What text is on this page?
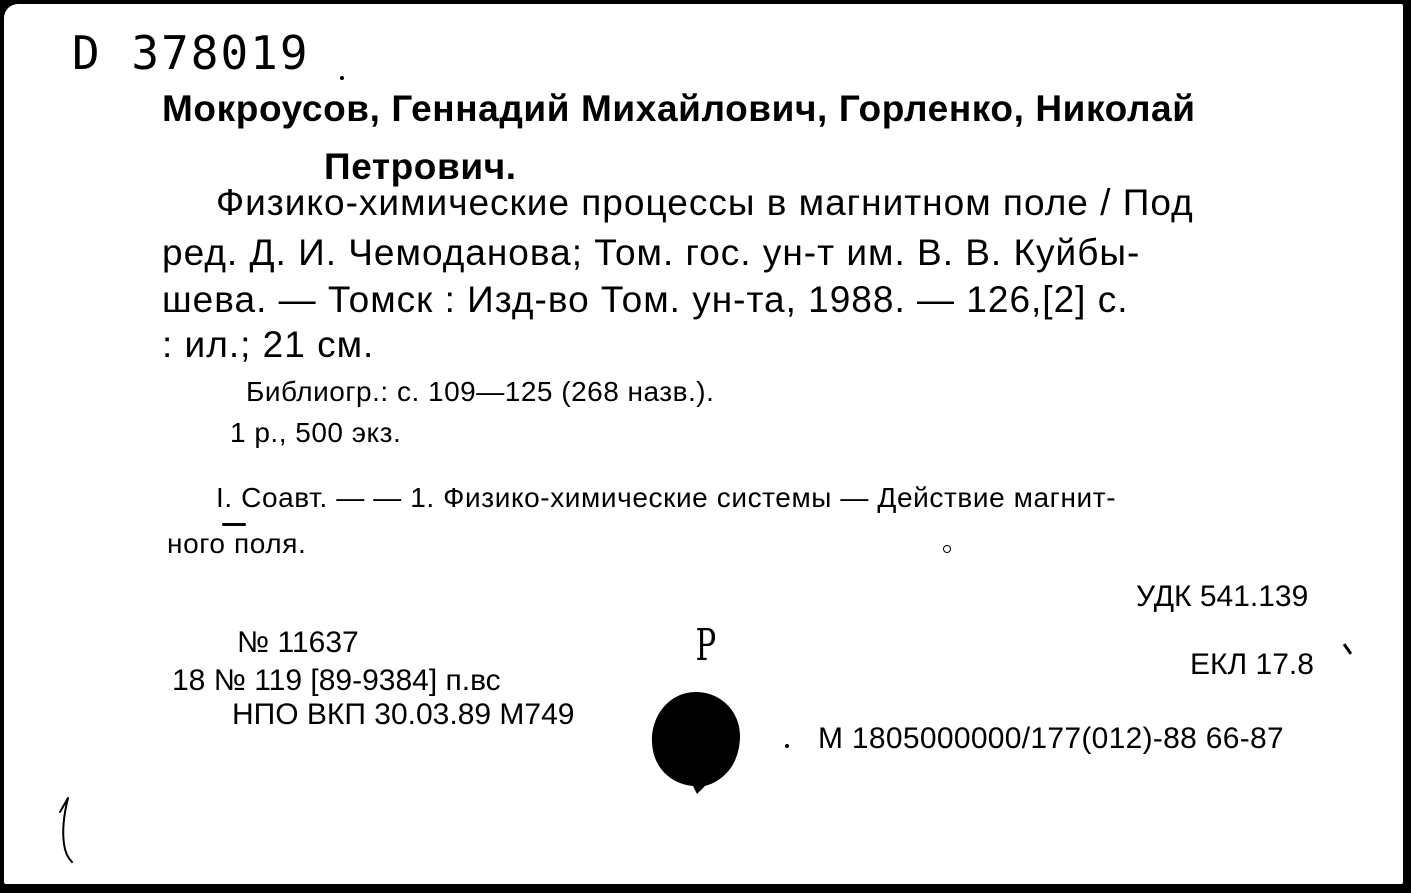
D 378019
Мокроусов, Геннадий Михайлович, Горленко, Николай
Петрович.
Физико-химические процессы в магнитном поле / Под
ред. Д. И. Чемоданова; Том. гос. ун-т им. В. В. Куйбы-
шева. — Томск : Изд-во Том. ун-та, 1988. — 126,[2] с.
: ил.; 21 см.
Библиогр.: с. 109—125 (268 назв.).
1 р., 500 экз.
I. Соавт. — — 1. Физико-химические системы — Действие магнит-
ного поля.
УДК 541.139
ЕКЛ 17.8
М 1805000000/177(012)-88 66-87
№ 11637
18 № 119 [89-9384] п.вс
НПО ВКП 30.03.89 М749
Р
